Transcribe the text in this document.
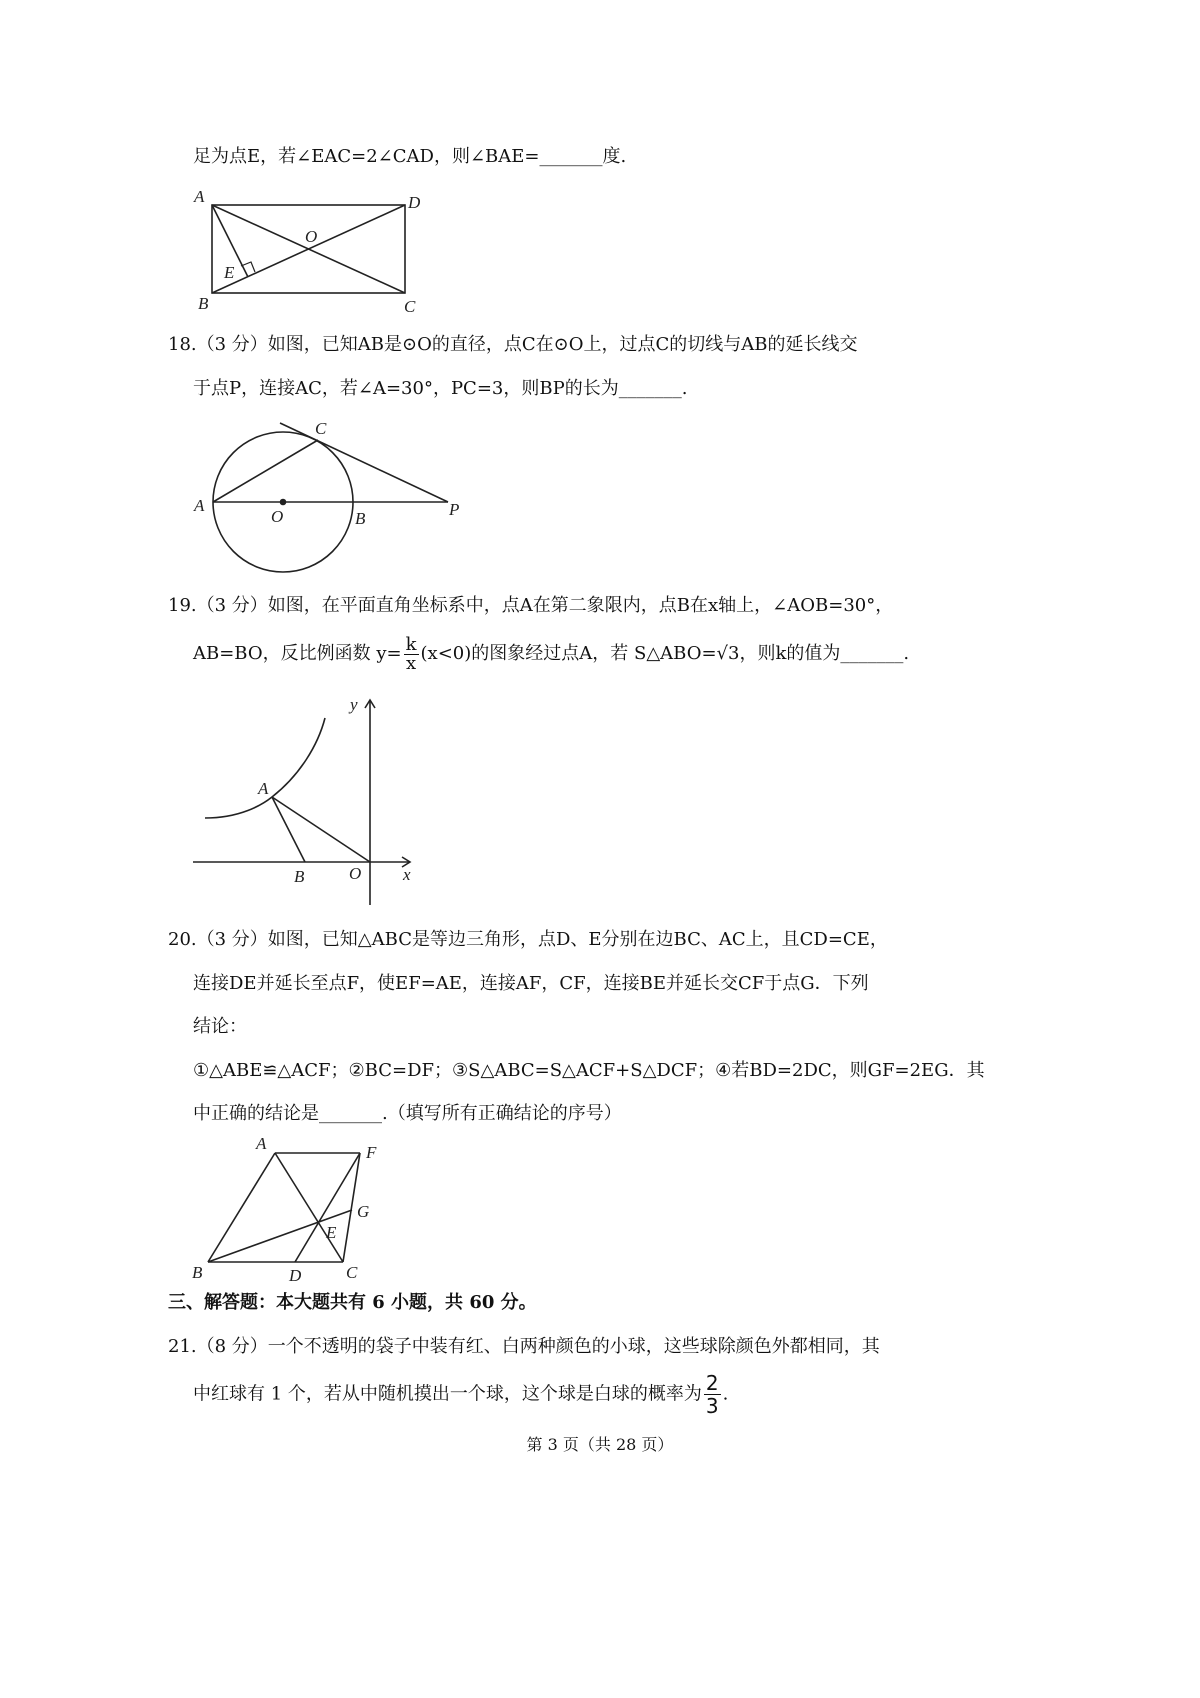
足为点E，若∠EAC=2∠CAD，则∠BAE=_______度.
A	D
O
E
B	C
C
A
O	B	P
A
B	O x
y
A	F
G
E
B	D	C
18.（3 分）如图，已知AB是⊙O的直径，点C在⊙O上，过点C的切线与AB的延长线交
于点P，连接AC，若∠A=30°，PC=3，则BP的长为_______.
19.（3 分）如图，在平面直角坐标系中，点A在第二象限内，点B在x轴上，∠AOB=30°，
AB=BO，反比例函数 $y= \frac{k}{x} (x<0)$的图象经过点A，若 S△ABO=√3，则k的值为_______.
20.（3 分）如图，已知△ABC是等边三角形，点D、E分别在边BC、AC上，且CD=CE，
连接DE并延长至点F，使EF=AE，连接AF，CF，连接BE并延长交CF于点G．下列
结论：
①△ABE≌△ACF；②BC=DF；③S△ABC=S△ACF+S△DCF；④若BD=2DC，则GF=2EG．其
中正确的结论是_______.（填写所有正确结论的序号）
三、解答题：本大题共有 6 小题，共 60 分。
21.（8 分）一个不透明的袋子中装有红、白两种颜色的小球，这些球除颜色外都相同，其
中红球有 1 个，若从中随机摸出一个球，这个球是白球的概率为 $\frac{2}{3}$ .
第 3 页（共 28 页）
